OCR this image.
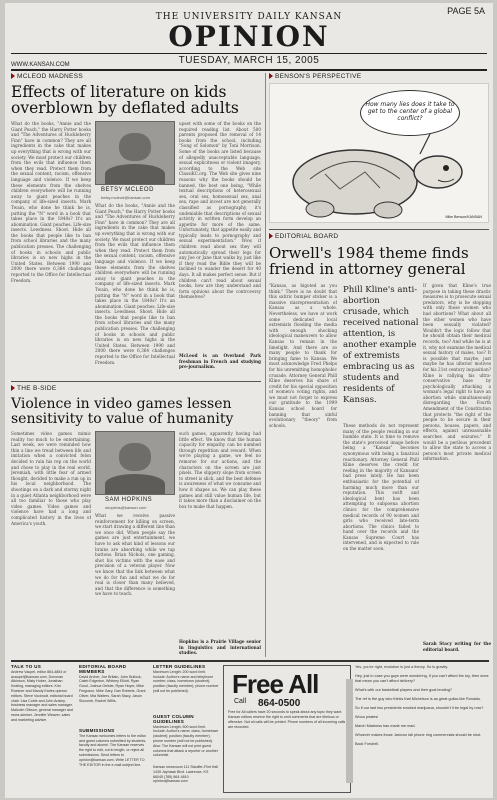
PAGE 5A
THE UNIVERSITY DAILY KANSAN
OPINION
TUESDAY, MARCH 15, 2005
WWW.KANSAN.COM
MCLEOD MADNESS
Effects of literature on kids overblown by deflated adults
What do the books, "Annie and the Giant Peach," the Harry Potter books and "The Adventures of Huckleberry Finn" have in common? They are all ingredients in the cake that makes up everything that is wrong with our society. We must protect our children from the evils that influence them when they read. Protect them from the sexual content, racism, offensive language and violence. If we keep these elements from the shelves children everywhere will be running away to giant peaches in the company of life-sized insects. Mark Twain, who done he think he is, putting the "N" word in a book that takes place in the 1840s? It's an abomination. Giant peaches. Life-size insects. Lewdness. Shoot. Hide all the books that people like to ban from school libraries and the many publication presses. The challenging of books in schools and public libraries is on new highs in the United States. Between 1990 and 2000 there were 6,364 challenges reported to the Office for Intellectual Freedom.
BETSY MCLEOD
betsy.mcleod@kansan.com
What do the books, "Annie and the Giant Peach," the Harry Potter books and "The Adventures of Huckleberry Finn" have in common? They are all ingredients in the cake that makes up everything that is wrong with our society. We must protect our children from the evils that influence them when they read. Protect them from the sexual content, racism, offensive language and violence. If we keep these elements from the shelves children everywhere will be running away to giant peaches in the company of life-sized insects. Mark Twain, who done he think he is, putting the "N" word in a book that takes place in the 1840s? It's an abomination. Giant peaches. Life-size insects. Lewdness. Shoot. Hide all the books that people like to ban from school libraries and the many publication presses. The challenging of books in schools and public libraries is on new highs in the United States. Between 1990 and 2000 there were 6,364 challenges reported to the Office for Intellectual Freedom.
upset with some of the books on the required reading list. About 500 parents proposed the removal of 14 books from the school, including "Song of Solomon" by Toni Morrison. Some of the books are listed because of allegedly unacceptable language, sexual explicitness or violent imagery, according to the Web site ClassiKC.org. The Web site gives nine reasons why the books should be banned, the best one being, "While textual descriptions of heterosexual sex, oral sex, homosexual sex, anal sex, rape and incest are not generally classified as pornography, it's undeniable that descriptions of sexual activity in written form develop an appetite for more of the same. Unfortunately, that appetite easily and typically leads to pornography and sexual experimentation." Wow, if children read about sex they will automatically spread their legs for any Joe or Jane that walks by, just like if they read the Bible they will be inclined to wander the desert for 40 days. It all makes perfect sense. But if children can't read about sexual books, how are they understand and form opinions about the controversy themselves?
McLeod is an Overland Park freshman in French and studying pre-journalism.
BENSON'S PERSPECTIVE
How many lies does it take to get to the center of a global conflict?
Mike Benson/KANSAN
EDITORIAL BOARD
Orwell's 1984 theme finds friend in attorney general
"Kansas, as bigoted as you think." There is no doubt that this satiric bumper sticker is a massive misrepresentation of Kansas as a whole. Nevertheless, we have at work some dedicated local extremists flooding the media with enough shocking ideological maneuvers to allow Kansas to remain in the limelight. And there are so many people to thank for bringing fame to Kansas. We must acknowledge Fred Phelps for his unremitting homophobic crusade. Attorney General Phill Kline deserves his share of credit for his special opposition of women's voting rights, and we must not forget to express our gratitude to the 1999 Kansas school board for banning that sinful evolutionary "theory" from schools.
Phill Kline's anti-abortion crusade, which received national attention, is another example of extremists embracing us as students and residents of Kansas.
These methods do not represent many of the people residing in our humble state. It is time to remove the state's perceived image before being a "Kansas" becomes synonymous with being a fanatical reactionary. Attorney General Phill Kline deserves the credit for reeling in the majority of Kansans' bad press lately. He has been enthusiastic for the potential of harming much more than our reputation. This swift and ideological bent has been attempting to subpoena abortion clinics for the comprehensive medical records of 90 women and girls who received late-term abortions. The clinics failed to hand over the records and the Kansas Supreme Court has intervened, and is expected to rule on the matter soon.
If given that Kline's true purpose in taking these drastic measures is to prosecute sexual predators, why is he stopping with only those women who had abortions? What about all the other women who have been sexually violated? Wouldn't the logic follow that he should obtain their medical records, too? And while he is at it, why not examine the medical sexual history of males, too? It is possible that maybe, just maybe he has ulterior motives for his 21st century inquisition? Kline is rallying his ultra-conservative base by psychologically attacking a woman's legal right to have an abortion while simultaneously disregarding the Fourth Amendment of the Constitution that protects "the right of the people to be secure in their persons, houses, papers, and effects, against unreasonable searches and seizures." It would be a perilous precedent to allow the state to access a person's most private medical information.
Sarah Stacy writing for the editorial board.
THE B-SIDE
Violence in video games lessen sensitivity to value of humanity
Sometimes video games mimic reality too much to be entertaining. Last week, we were reminded how thin a line we tread between life and imitation when a convicted felon decided to ruin his rep on the world and chose to play in the real world. Jeremiah, with little fear of armed thought, decided to make a run up in his local neighborhood. The shootings on a dark and stormy night in a quiet Atlanta neighborhood were all too familiar to those who play video games. Video games and violence have had a long and complicated history in the lives of America's youth.
SAM HOPKINS
shopkins@kansan.com
What we receive passive reinforcement for killing on screen, we start drawing a different line than we once did. When people say the games are just entertainment, we have to ask what kind of lessons our brains are absorbing while we tap buttons. Brian Nichols, one gaming, shot his victims with the ease and precision of a veteran player. Now we know that the link between what we do for fun and what we do for real is closer than many believed, and that the difference is something we have to teach.
such games, apparently having had little effect. We know that the human capacity for empathy can be numbed through repetition and reward. When we're playing a game, we feel no remorse for our actions, and the characters on the screen are just pixels. The slippery slope from screen to street is slick, and the best defense is awareness of what we consume and how it shapes us. We can play these games and still value human life, but it takes more than a disclaimer on the box to make that happen.
Hopkins is a Prairie Village senior in linguistics and international studies.
TALK TO US
Andrew Vaupel, editor 864-4854 or avaupel@kansan.com. Donovan Atkinson, Misty Huber, Jonathan Kealing, managing editors. Kim Roesner and Mandy Earles opinion editors. Steve Vockrodt, editorial board chair. Lisa Coble and John Ansley, business manager and sales manager. Malcolm Gibson, general manager and news adviser. Jennifer Weaver, sales and marketing adviser.
EDITORIAL BOARD MEMBERS
David Archer, Joe Britain, John Bullock, Caleb Edgerton, Whitney Elliott, Ryan Good, Joshua Gelsler, Ryan Hoyer, Mike Ferguson, Mike Gary, Dan Roberts, Grant Oliver, Mia Walters, Sarah Stacy, Jason Slocomb, Rachel Willis.
SUBMISSIONS
The Kansan welcomes letters to the editor and guest columns submitted by students, faculty and alumni. The Kansan reserves the right to edit, cut to length, or reject all submissions. Send letters to opinion@kansan.com. Write LETTER TO THE EDITOR in the e-mail subject line.
LETTER GUIDELINES
Maximum Length: 200 word limit. Include: Author's name and telephone number; class, hometown (student); position (faculty member); phone number (will not be published).
GUEST COLUMN GUIDELINES
Maximum Length: 500 word limit. Include: Author's name; class, hometown (student); position (faculty member); phone number (will not be published). Also: The Kansan will not print guest columns that attack a reporter or another columnist.
Kansan newsroom 111 Stauffer-Flint Hall 1435 Jayhawk Blvd. Lawrence, KS 66045 (785) 864-4810 opinion@kansan.com
Free All
Call 864-0500
Free for All callers have 20 seconds to speak about any topic they want. Kansan editors reserve the right to omit comments that are libelous or offensive. Not all calls will be printed. Phone numbers of all incoming calls are recorded.
Yes, you're right, evolution is just a theory. So is gravity.
Hey, just in case you guys were wondering, if you can't afford the toy, then does that mean you can't afford delivery?
What's with our basketball players and their goal tending?
The ref is the guy who thinks that Michelson is as great guitar-like Ronaldo.
So if our last two presidents smoked marijuana, shouldn't it be legal by now?
Wooo pirates!
March Madness has made me mad.
Whoever makes those Jamcon tall phone ring commercials should be shot.
Back Forshell.
